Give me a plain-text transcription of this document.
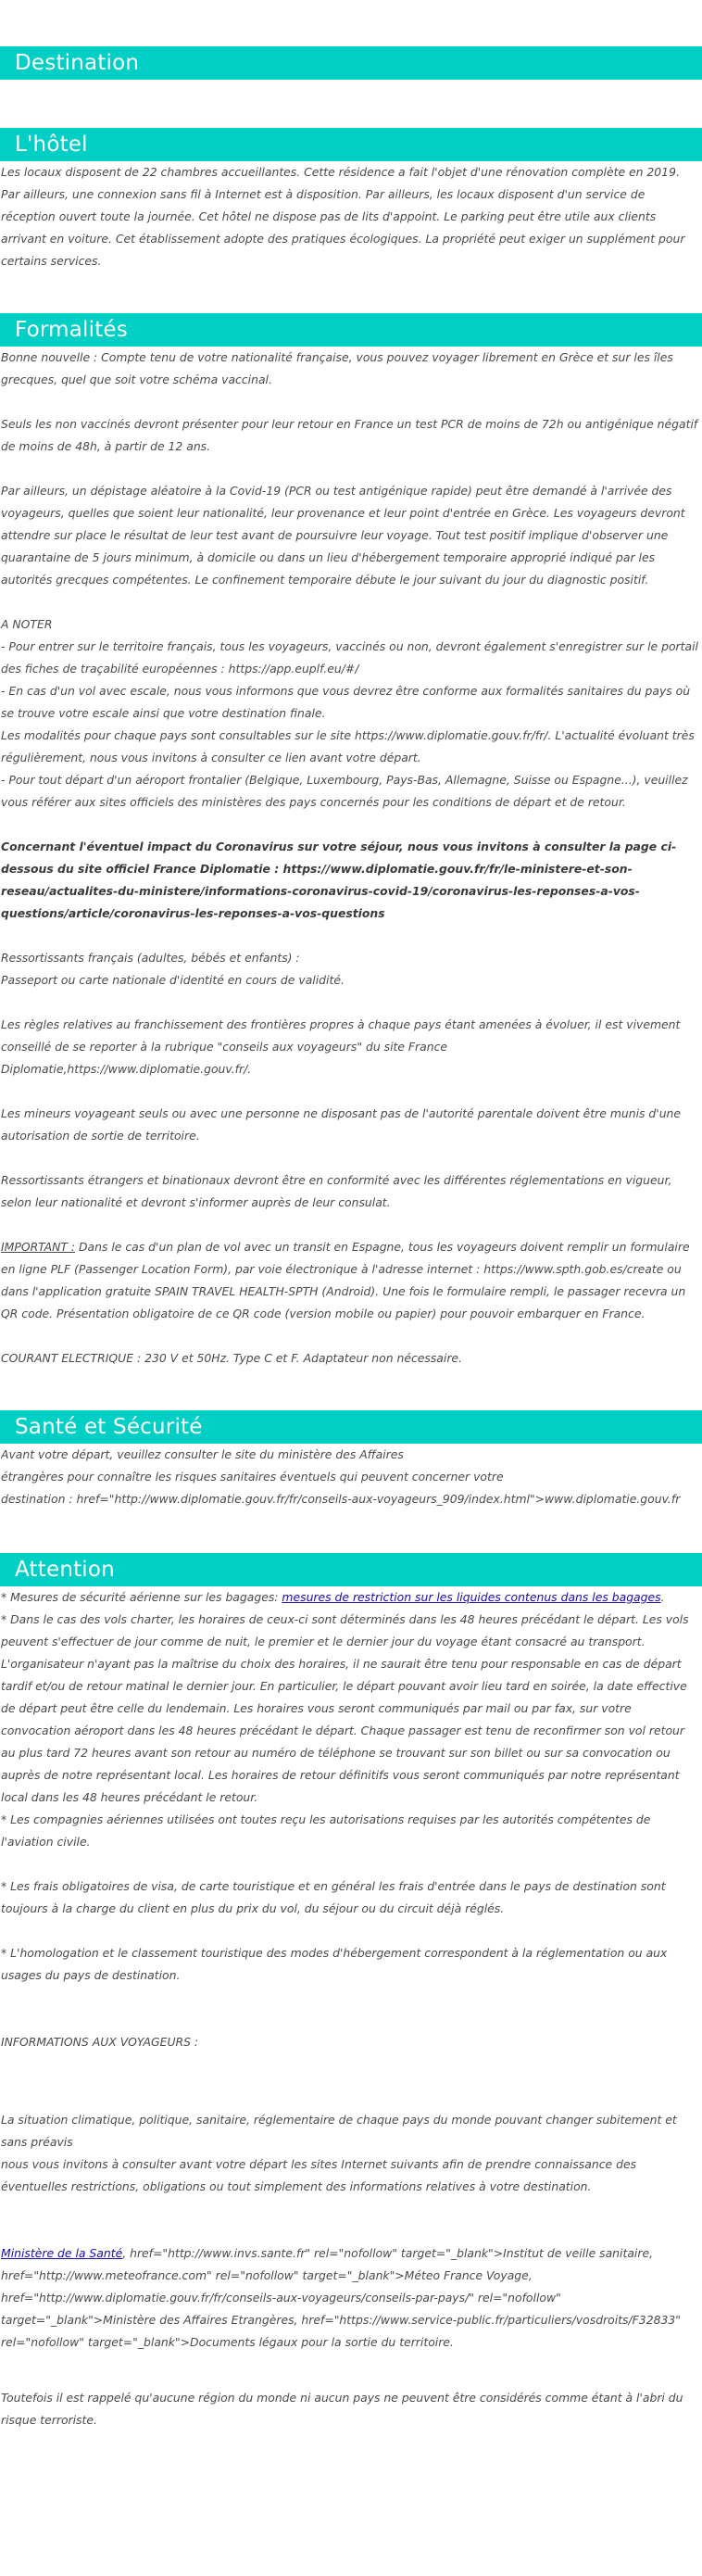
Destination
L'hôtel

Les locaux disposent de 22 chambres accueillantes. Cette résidence a fait l'objet d'une rénovation complète en 2019. Par ailleurs, une connexion sans fil à Internet est à disposition. Par ailleurs, les locaux disposent d'un service de réception ouvert toute la journée. Cet hôtel ne dispose pas de lits d'appoint. Le parking peut être utile aux clients arrivant en voiture. Cet établissement adopte des pratiques écologiques. La propriété peut exiger un supplément pour certains services.

Formalités

Bonne nouvelle : Compte tenu de votre nationalité française, vous pouvez voyager librement en Grèce et sur les îles grecques, quel que soit votre schéma vaccinal.

Seuls les non vaccinés devront présenter pour leur retour en France un test PCR de moins de 72h ou antigénique négatif de moins de 48h, à partir de 12 ans.

Par ailleurs, un dépistage aléatoire à la Covid-19 (PCR ou test antigénique rapide) peut être demandé à l'arrivée des voyageurs, quelles que soient leur nationalité, leur provenance et leur point d'entrée en Grèce. Les voyageurs devront attendre sur place le résultat de leur test avant de poursuivre leur voyage. Tout test positif implique d'observer une quarantaine de 5 jours minimum, à domicile ou dans un lieu d'hébergement temporaire approprié indiqué par les autorités grecques compétentes. Le confinement temporaire débute le jour suivant du jour du diagnostic positif.

A NOTER

- Pour entrer sur le territoire français, tous les voyageurs, vaccinés ou non, devront également s'enregistrer sur le portail des fiches de traçabilité européennes : https://app.euplf.eu/#/

- En cas d'un vol avec escale, nous vous informons que vous devrez être conforme aux formalités sanitaires du pays où se trouve votre escale ainsi que votre destination finale.

Les modalités pour chaque pays sont consultables sur le site https://www.diplomatie.gouv.fr/fr/. L'actualité évoluant très régulièrement, nous vous invitons à consulter ce lien avant votre départ.

- Pour tout départ d'un aéroport frontalier (Belgique, Luxembourg, Pays-Bas, Allemagne, Suisse ou Espagne...), veuillez vous référer aux sites officiels des ministères des pays concernés pour les conditions de départ et de retour.

Concernant l'éventuel impact du Coronavirus sur votre séjour, nous vous invitons à consulter la page ci-dessous du site officiel France Diplomatie : https://www.diplomatie.gouv.fr/fr/le-ministere-et-son-reseau/actualites-du-ministere/informations-coronavirus-covid-19/coronavirus-les-reponses-a-vos-questions/article/coronavirus-les-reponses-a-vos-questions

Ressortissants français (adultes, bébés et enfants) :

Passeport ou carte nationale d'identité en cours de validité.

Les règles relatives au franchissement des frontières propres à chaque pays étant amenées à évoluer, il est vivement conseillé de se reporter à la rubrique "conseils aux voyageurs" du site France Diplomatie,https://www.diplomatie.gouv.fr/.

Les mineurs voyageant seuls ou avec une personne ne disposant pas de l'autorité parentale doivent être munis d'une autorisation de sortie de territoire.

Ressortissants étrangers et binationaux devront être en conformité avec les différentes réglementations en vigueur, selon leur nationalité et devront s'informer auprès de leur consulat.

IMPORTANT : Dans le cas d'un plan de vol avec un transit en Espagne, tous les voyageurs doivent remplir un formulaire en ligne PLF (Passenger Location Form), par voie électronique à l'adresse internet : https://www.spth.gob.es/create ou dans l'application gratuite SPAIN TRAVEL HEALTH-SPTH (Android). Une fois le formulaire rempli, le passager recevra un QR code. Présentation obligatoire de ce QR code (version mobile ou papier) pour pouvoir embarquer en France.

COURANT ELECTRIQUE : 230 V et 50Hz. Type C et F. Adaptateur non nécessaire.

Santé et Sécurité

Avant votre départ, veuillez consulter le site du ministère des Affaires

étrangères pour connaître les risques sanitaires éventuels qui peuvent concerner votre

destination : href="http://www.diplomatie.gouv.fr/fr/conseils-aux-voyageurs_909/index.html">www.diplomatie.gouv.fr

Attention

* Mesures de sécurité aérienne sur les bagages: mesures de restriction sur les liquides contenus dans les bagages.

* Dans le cas des vols charter, les horaires de ceux-ci sont déterminés dans les 48 heures précédant le départ. Les vols peuvent s'effectuer de jour comme de nuit, le premier et le dernier jour du voyage étant consacré au transport. L'organisateur n'ayant pas la maîtrise du choix des horaires, il ne saurait être tenu pour responsable en cas de départ tardif et/ou de retour matinal le dernier jour. En particulier, le départ pouvant avoir lieu tard en soirée, la date effective de départ peut être celle du lendemain. Les horaires vous seront communiqués par mail ou par fax, sur votre convocation aéroport dans les 48 heures précédant le départ. Chaque passager est tenu de reconfirmer son vol retour au plus tard 72 heures avant son retour au numéro de téléphone se trouvant sur son billet ou sur sa convocation ou auprès de notre représentant local. Les horaires de retour définitifs vous seront communiqués par notre représentant local dans les 48 heures précédant le retour.

* Les compagnies aériennes utilisées ont toutes reçu les autorisations requises par les autorités compétentes de l'aviation civile.

* Les frais obligatoires de visa, de carte touristique et en général les frais d'entrée dans le pays de destination sont toujours à la charge du client en plus du prix du vol, du séjour ou du circuit déjà réglés.

* L'homologation et le classement touristique des modes d'hébergement correspondent à la réglementation ou aux usages du pays de destination.

INFORMATIONS AUX VOYAGEURS :

La situation climatique, politique, sanitaire, réglementaire de chaque pays du monde pouvant changer subitement et sans préavis

nous vous invitons à consulter avant votre départ les sites Internet suivants afin de prendre connaissance des éventuelles restrictions, obligations ou tout simplement des informations relatives à votre destination.

Ministère de la Santé, href="http://www.invs.sante.fr" rel="nofollow" target="_blank">Institut de veille sanitaire, href="http://www.meteofrance.com" rel="nofollow" target="_blank">Méteo France Voyage, href="http://www.diplomatie.gouv.fr/fr/conseils-aux-voyageurs/conseils-par-pays/" rel="nofollow" target="_blank">Ministère des Affaires Etrangères, href="https://www.service-public.fr/particuliers/vosdroits/F32833" rel="nofollow" target="_blank">Documents légaux pour la sortie du territoire.

Toutefois il est rappelé qu'aucune région du monde ni aucun pays ne peuvent être considérés comme étant à l'abri du risque terroriste.
